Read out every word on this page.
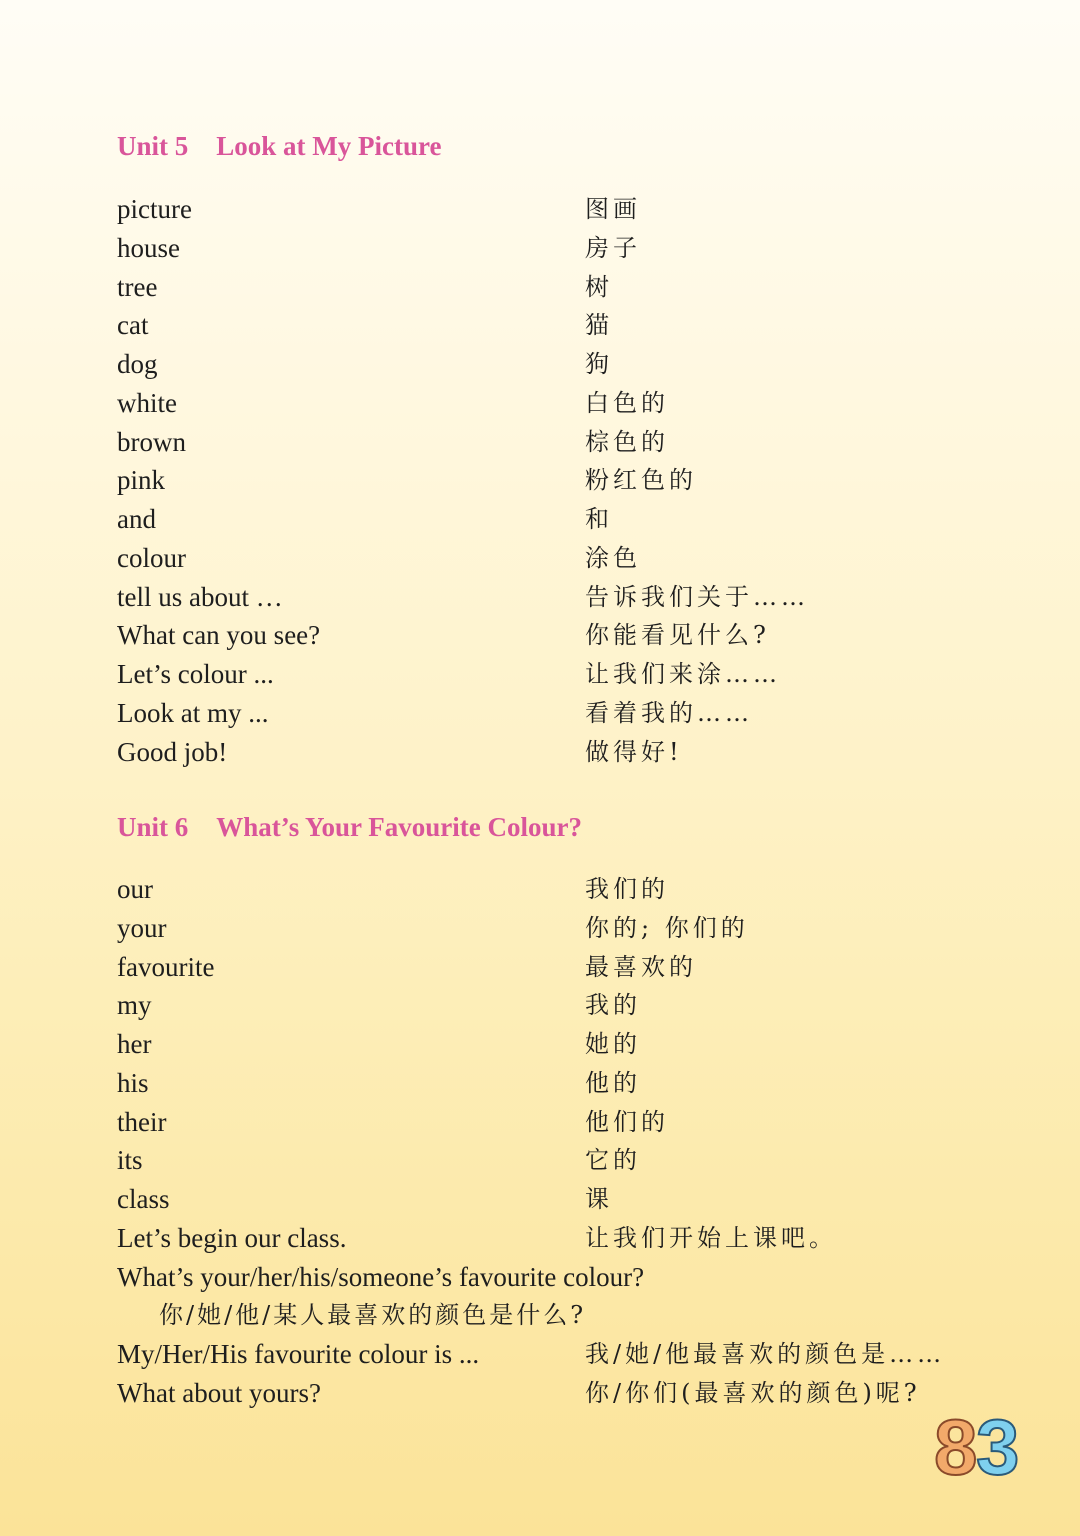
Unit 5 Look at My Picture
picture	图画
house	房子
tree	树
cat	猫
dog	狗
white	白色的
brown	棕色的
pink	粉红色的
and	和
colour	涂色
tell us about …	告诉我们关于……
What can you see?	你能看见什么?
Let’s colour ...	让我们来涂……
Look at my ...	看着我的……
Good job!	做得好!
Unit 6 What’s Your Favourite Colour?
our	我们的
your	你的; 你们的
favourite	最喜欢的
my	我的
her	她的
his	他的
their	他们的
its	它的
class	课
Let’s begin our class.	让我们开始上课吧。
What’s your/her/his/someone’s favourite colour?
你/她/他/某人最喜欢的颜色是什么?
My/Her/His favourite colour is ...	我/她/他最喜欢的颜色是……
What about yours?	你/你们(最喜欢的颜色)呢?
8
3
